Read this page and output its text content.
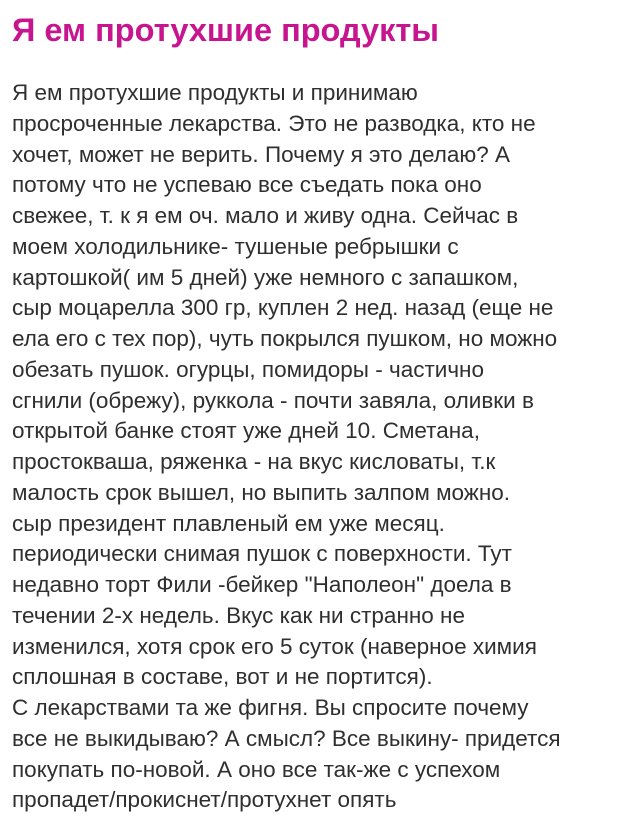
Я ем протухшие продукты
Я ем протухшие продукты и принимаю
просроченные лекарства. Это не разводка, кто не
хочет, может не верить. Почему я это делаю? А
потому что не успеваю все съедать пока оно
свежее, т. к я ем оч. мало и живу одна. Сейчас в
моем холодильнике- тушеные ребрышки с
картошкой( им 5 дней) уже немного с запашком,
сыр моцарелла 300 гр, куплен 2 нед. назад (еще не
ела его с тех пор), чуть покрылся пушком, но можно
обезать пушок. огурцы, помидоры - частично
сгнили (обрежу), руккола - почти завяла, оливки в
открытой банке стоят уже дней 10. Сметана,
простокваша, ряженка - на вкус кисловаты, т.к
малость срок вышел, но выпить залпом можно.
сыр президент плавленый ем уже месяц.
периодически снимая пушок с поверхности. Тут
недавно торт Фили -бейкер "Наполеон" доела в
течении 2-х недель. Вкус как ни странно не
изменился, хотя срок его 5 суток (наверное химия
сплошная в составе, вот и не портится).
С лекарствами та же фигня. Вы спросите почему
все не выкидываю? А смысл? Все выкину- придется
покупать по-новой. А оно все так-же с успехом
пропадет/прокиснет/протухнет опять
